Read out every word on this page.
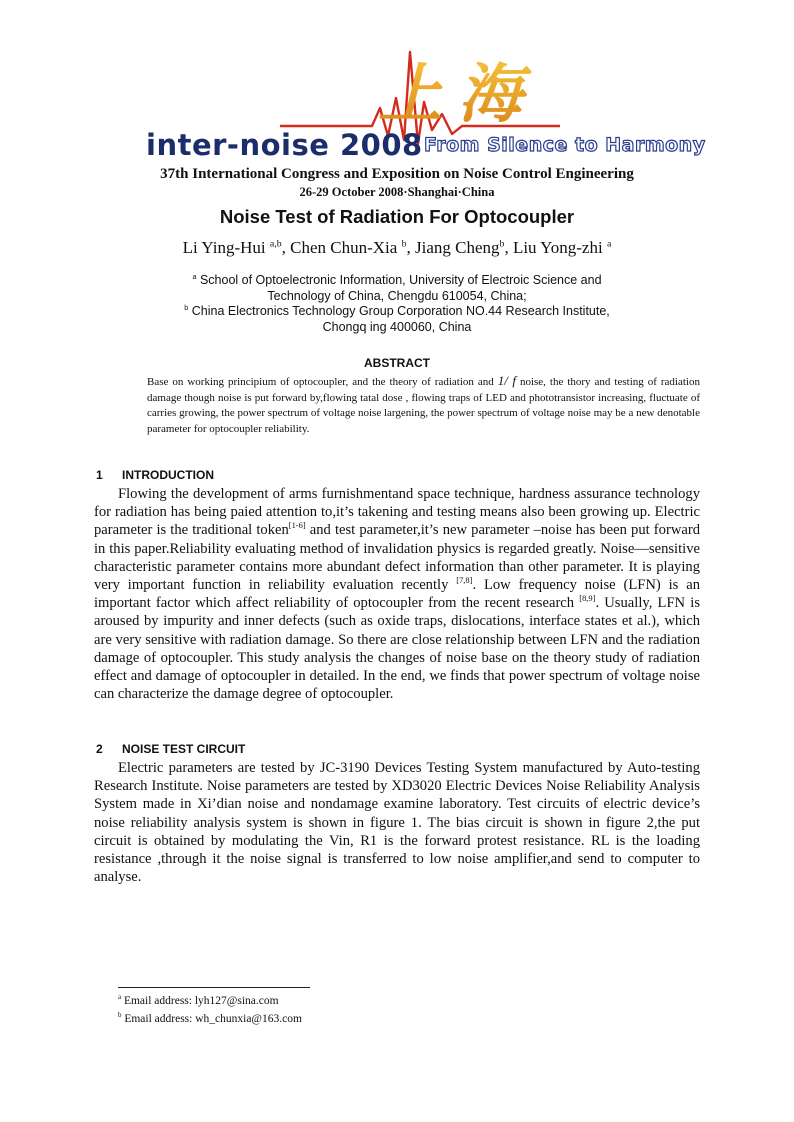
上海
inter-noise 2008 From Silence to Harmony
37th International Congress and Exposition on Noise Control Engineering
26-29 October 2008·Shanghai·China
Noise Test of Radiation For Optocoupler
Li Ying-Hui $^{a,b}$, Chen Chun-Xia $^b$, Jiang Cheng$^b$, Liu Yong-zhi $^a$
$^a$ School of Optoelectronic Information, University of Electroic Science and
Technology of China, Chengdu 610054, China;
$^b$ China Electronics Technology Group Corporation NO.44 Research Institute,
Chongq ing 400060, China
ABSTRACT
Base on working principium of optocoupler, and the theory of radiation and 1/ f noise, the thory and testing of radiation damage though noise is put forward by,flowing tatal dose , flowing traps of LED and phototransistor increasing, fluctuate of carries growing, the power spectrum of voltage noise largening, the power spectrum of voltage noise may be a new denotable parameter for optocoupler reliability.
1 INTRODUCTION
Flowing the development of arms furnishmentand space technique, hardness assurance technology for radiation has being paied attention to,it’s takening and testing means also been growing up. Electric parameter is the traditional token[1-6] and test parameter,it’s new parameter –noise has been put forward in this paper.Reliability evaluating method of invalidation physics is regarded greatly. Noise—sensitive characteristic parameter contains more abundant defect information than other parameter. It is playing very important function in reliability evaluation recently [7,8]. Low frequency noise (LFN) is an important factor which affect reliability of optocoupler from the recent research [8,9]. Usually, LFN is aroused by impurity and inner defects (such as oxide traps, dislocations, interface states et al.), which are very sensitive with radiation damage. So there are close relationship between LFN and the radiation damage of optocoupler. This study analysis the changes of noise base on the theory study of radiation effect and damage of optocoupler in detailed. In the end, we finds that power spectrum of voltage noise can characterize the damage degree of optocoupler.
2 NOISE TEST CIRCUIT
Electric parameters are tested by JC-3190 Devices Testing System manufactured by Auto-testing Research Institute. Noise parameters are tested by XD3020 Electric Devices Noise Reliability Analysis System made in Xi’dian noise and nondamage examine laboratory. Test circuits of electric device’s noise reliability analysis system is shown in figure 1. The bias circuit is shown in figure 2,the put circuit is obtained by modulating the Vin, R1 is the forward protest resistance. RL is the loading resistance ,through it the noise signal is transferred to low noise amplifier,and send to computer to analyse.
$^a$ Email address: lyh127@sina.com
$^b$ Email address: wh_chunxia@163.com
